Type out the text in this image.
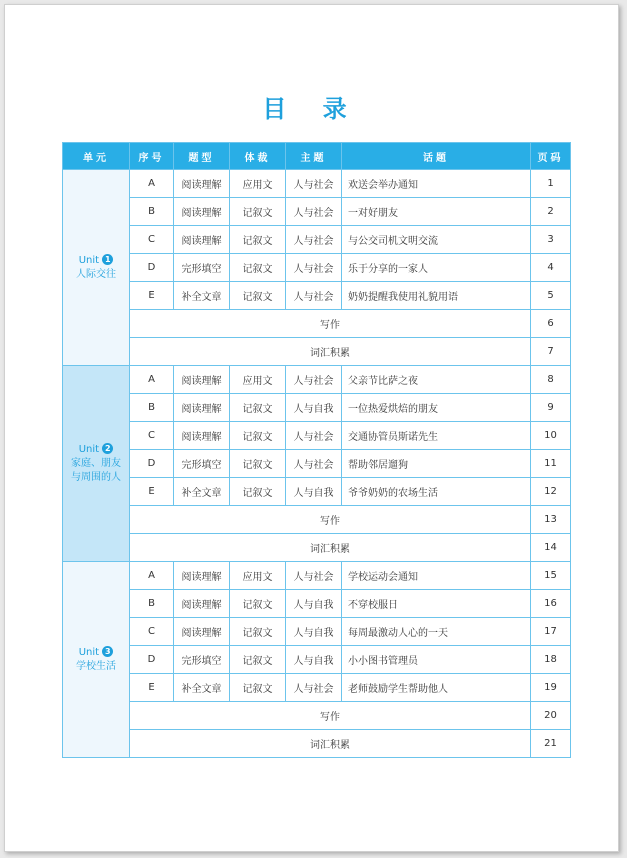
目 录
单元	序号	题型	体裁	主题	话题	页码
Unit 1
人际交往	A	阅读理解	应用文	人与社会	欢送会举办通知	1
	B	阅读理解	记叙文	人与社会	一对好朋友	2
	C	阅读理解	记叙文	人与社会	与公交司机文明交流	3
	D	完形填空	记叙文	人与社会	乐于分享的一家人	4
	E	补全文章	记叙文	人与社会	奶奶提醒我使用礼貌用语	5
	写作					6
	词汇积累					7
Unit 2
家庭、朋友与周围的人	A	阅读理解	应用文	人与社会	父亲节比萨之夜	8
	B	阅读理解	记叙文	人与自我	一位热爱烘焙的朋友	9
	C	阅读理解	记叙文	人与社会	交通协管员斯诺先生	10
	D	完形填空	记叙文	人与社会	帮助邻居遛狗	11
	E	补全文章	记叙文	人与自我	爷爷奶奶的农场生活	12
	写作					13
	词汇积累					14
Unit 3
学校生活	A	阅读理解	应用文	人与社会	学校运动会通知	15
	B	阅读理解	记叙文	人与自我	不穿校服日	16
	C	阅读理解	记叙文	人与自我	每周最激动人心的一天	17
	D	完形填空	记叙文	人与自我	小小图书管理员	18
	E	补全文章	记叙文	人与社会	老师鼓励学生帮助他人	19
	写作					20
	词汇积累					21
